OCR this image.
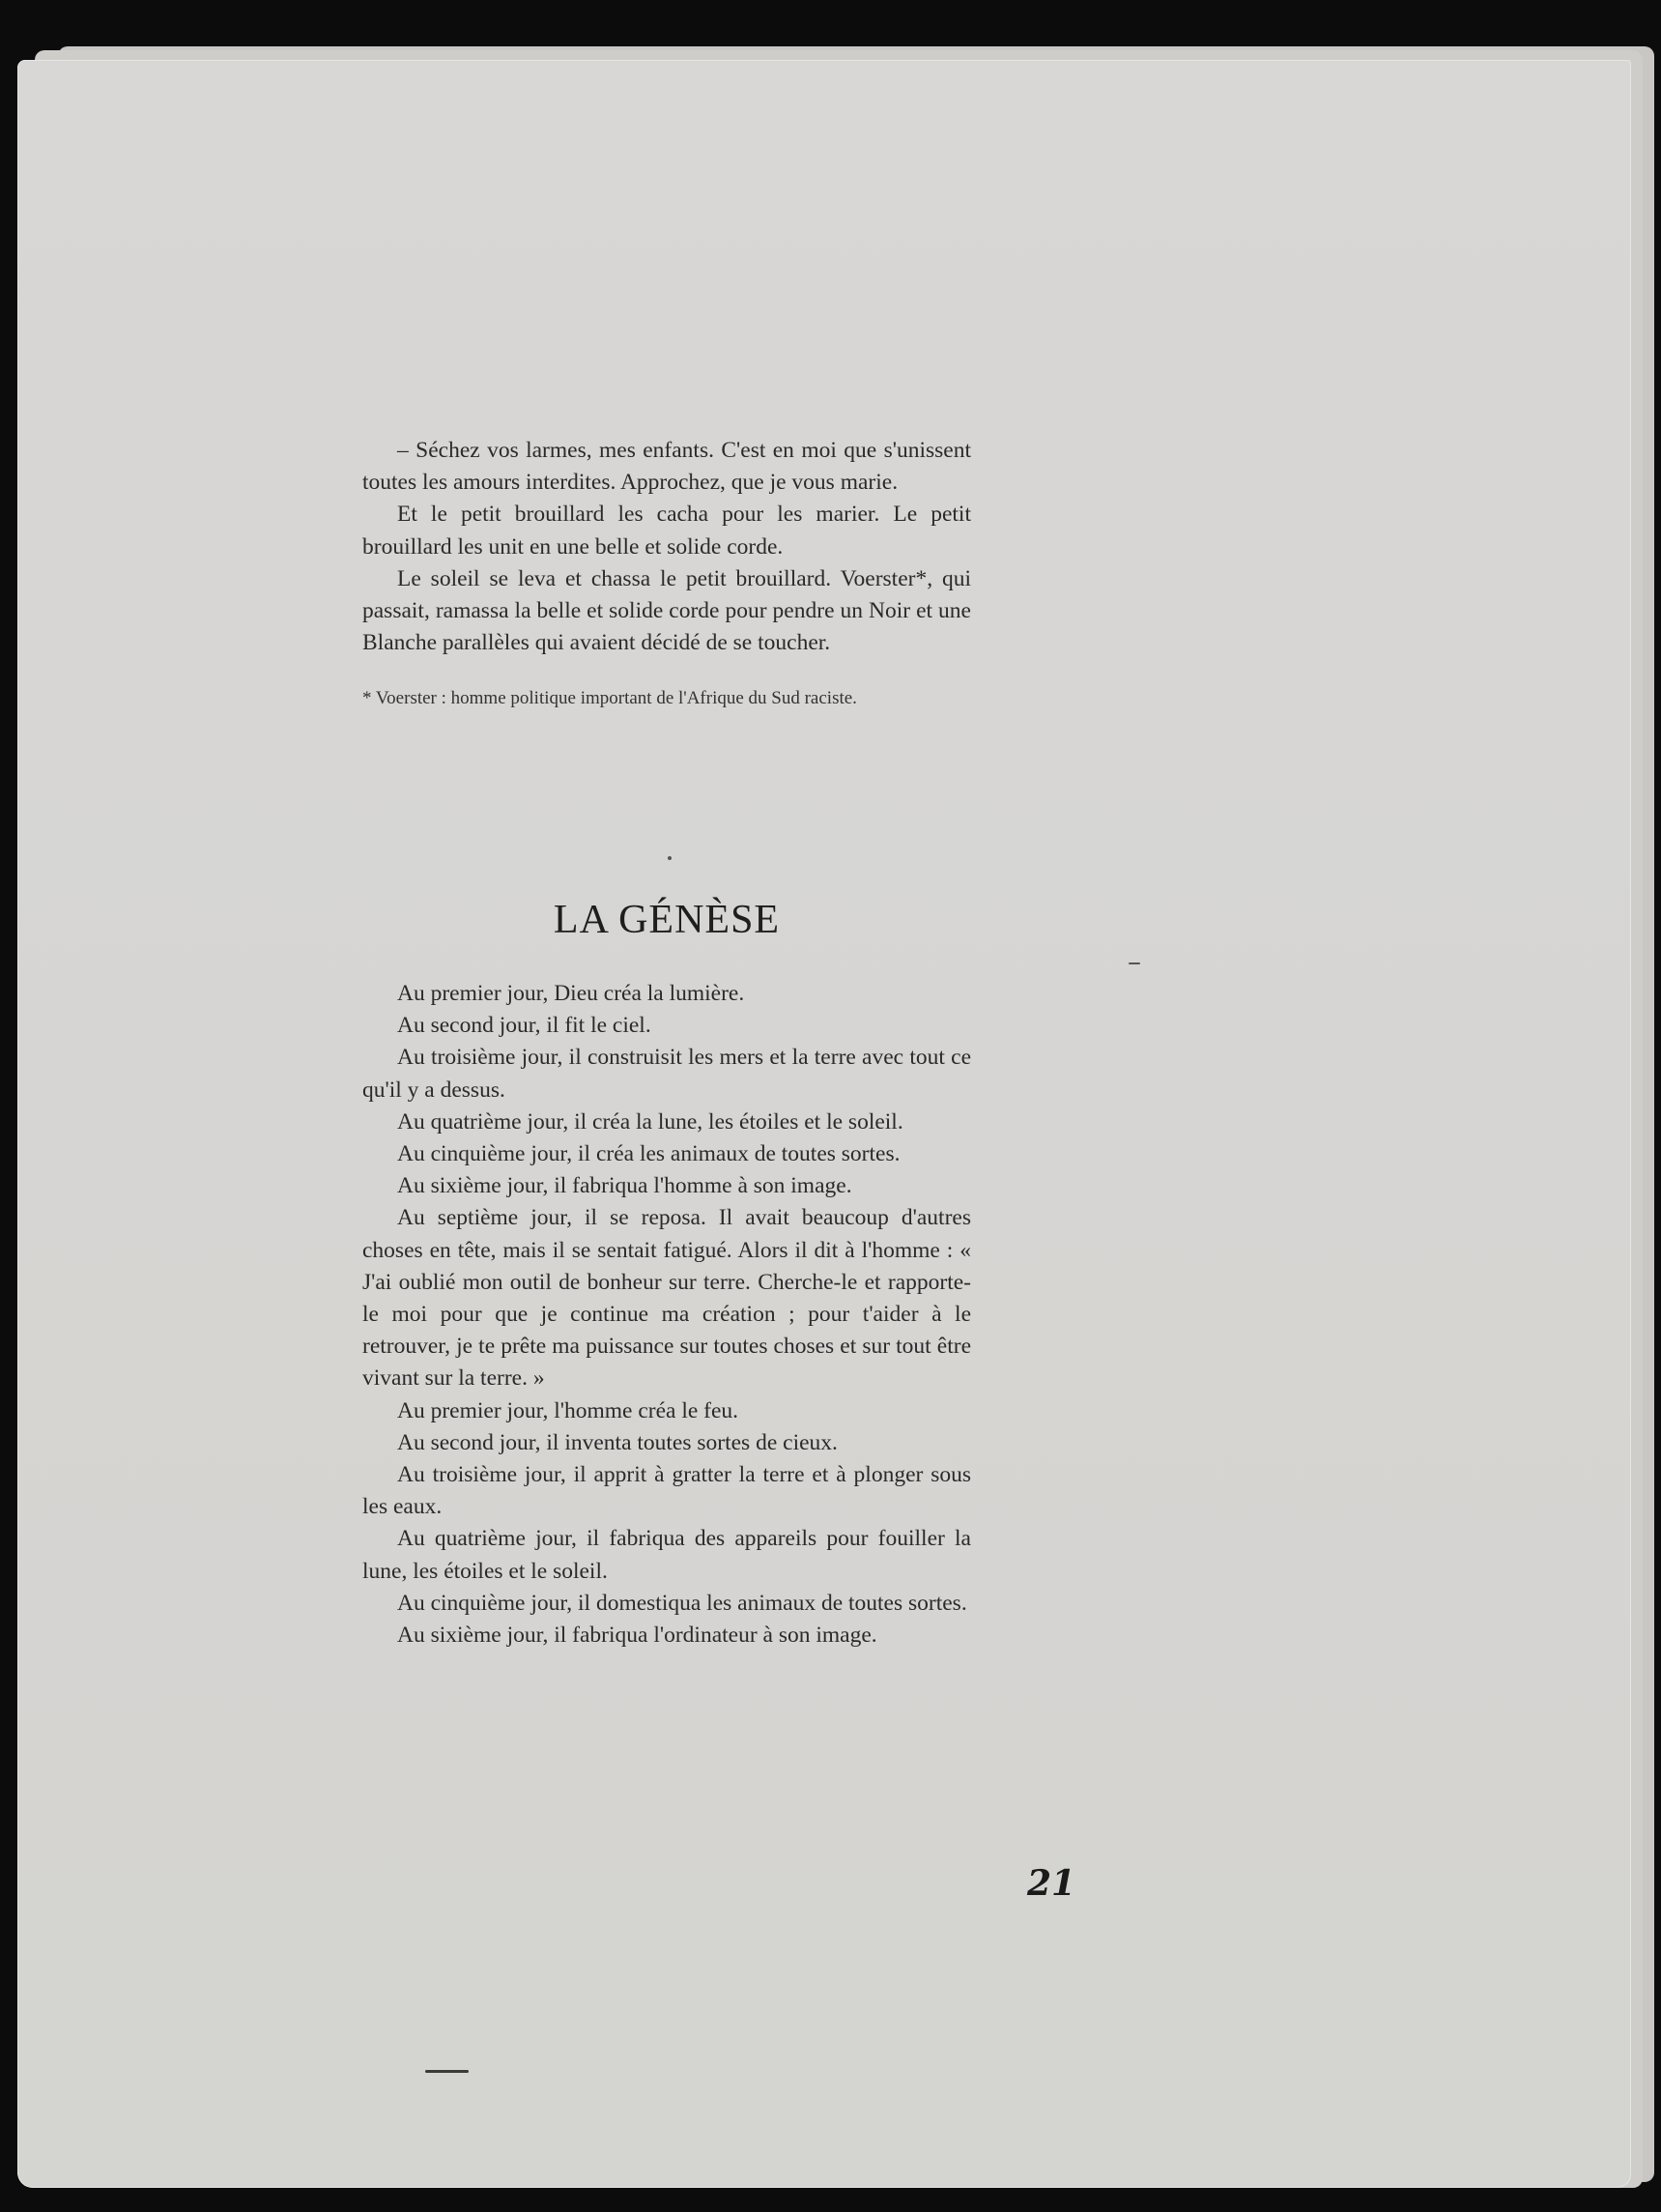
– Séchez vos larmes, mes enfants. C'est en moi que s'unissent toutes les amours interdites. Approchez, que je vous marie.

Et le petit brouillard les cacha pour les marier. Le petit brouillard les unit en une belle et solide corde.

Le soleil se leva et chassa le petit brouillard. Voerster*, qui passait, ramassa la belle et solide corde pour pendre un Noir et une Blanche parallèles qui avaient décidé de se toucher.

* Voerster : homme politique important de l'Afrique du Sud raciste.

LA GÉNÈSE

Au premier jour, Dieu créa la lumière.

Au second jour, il fit le ciel.

Au troisième jour, il construisit les mers et la terre avec tout ce qu'il y a dessus.

Au quatrième jour, il créa la lune, les étoiles et le soleil.

Au cinquième jour, il créa les animaux de toutes sortes.

Au sixième jour, il fabriqua l'homme à son image.

Au septième jour, il se reposa. Il avait beaucoup d'autres choses en tête, mais il se sentait fatigué. Alors il dit à l'homme : « J'ai oublié mon outil de bonheur sur terre. Cherche-le et rapporte-le moi pour que je continue ma création ; pour t'aider à le retrouver, je te prête ma puissance sur toutes choses et sur tout être vivant sur la terre. »

Au premier jour, l'homme créa le feu.

Au second jour, il inventa toutes sortes de cieux.

Au troisième jour, il apprit à gratter la terre et à plonger sous les eaux.

Au quatrième jour, il fabriqua des appareils pour fouiller la lune, les étoiles et le soleil.

Au cinquième jour, il domestiqua les animaux de toutes sortes.

Au sixième jour, il fabriqua l'ordinateur à son image.

21
